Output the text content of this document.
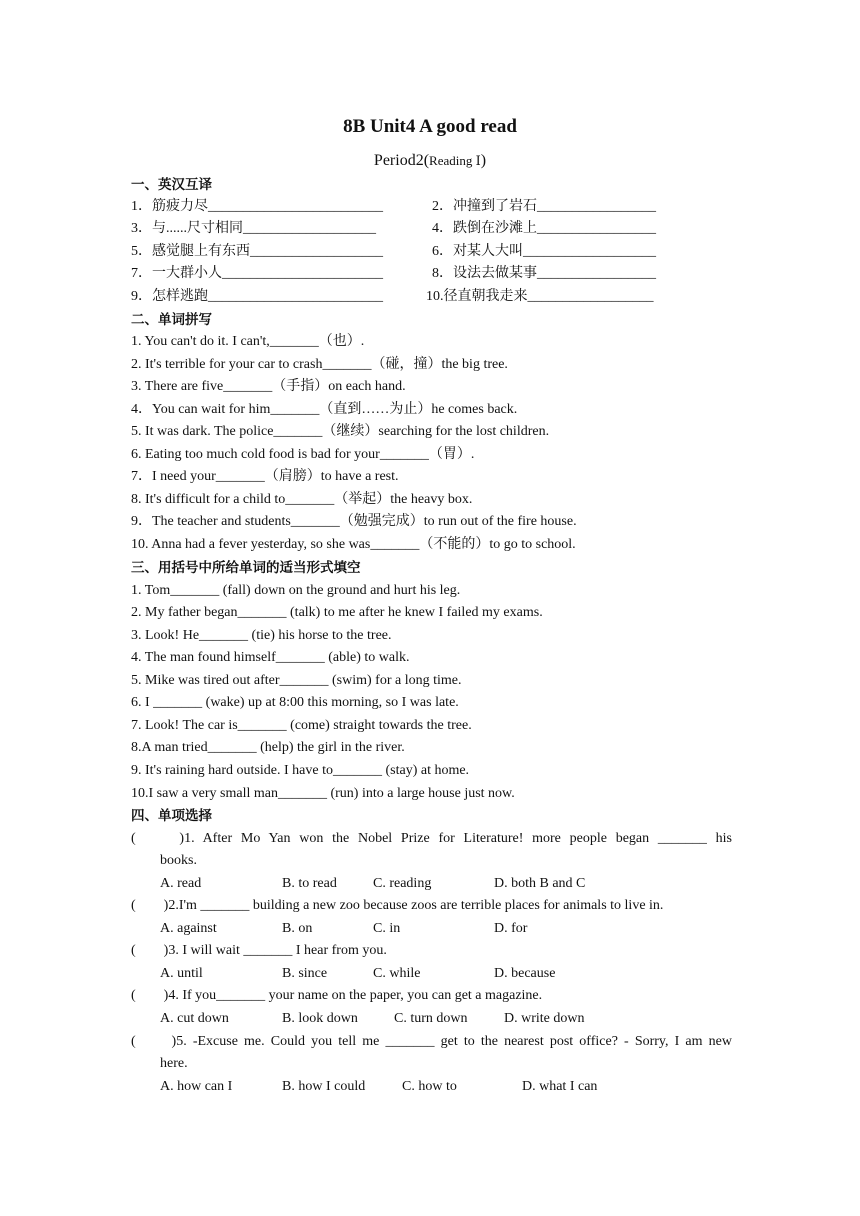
8B Unit4 A good read
Period2(Reading Ⅰ)
一、英汉互译
1．筋疲力尽_________________________	2．冲撞到了岩石_________________
3．与......尺寸相同___________________	4．跌倒在沙滩上_________________
5．感觉腿上有东西___________________	6．对某人大叫___________________
7．一大群小人_______________________	8．设法去做某事_________________
9．怎样逃跑_________________________	10.径直朝我走来__________________
二、单词拼写
1. You can't do it. I can't,_______（也）.
2. It's terrible for your car to crash_______（碰，撞）the big tree.
3. There are five_______（手指）on each hand.
4．You can wait for him_______（直到……为止）he comes back.
5. It was dark. The police_______（继续）searching for the lost children.
6. Eating too much cold food is bad for your_______（胃）.
7．I need your_______（肩膀）to have a rest.
8. It's difficult for a child to_______（举起）the heavy box.
9．The teacher and students_______（勉强完成）to run out of the fire house.
10. Anna had a fever yesterday, so she was_______（不能的）to go to school.
三、用括号中所给单词的适当形式填空
1. Tom_______ (fall) down on the ground and hurt his leg.
2. My father began_______ (talk) to me after he knew I failed my exams.
3. Look! He_______ (tie) his horse to the tree.
4. The man found himself_______ (able) to walk.
5. Mike was tired out after_______ (swim) for a long time.
6. I _______ (wake) up at 8:00 this morning, so I was late.
7. Look! The car is_______ (come) straight towards the tree.
8.A man tried_______ (help) the girl in the river.
9. It's raining hard outside. I have to_______ (stay) at home.
10.I saw a very small man_______ (run) into a large house just now.
四、单项选择
(　　)1. After Mo Yan won the Nobel Prize for Literature! more people began _______ his
books.
A. read	B. to read	C. reading	D. both B and C
(　　)2.I'm _______ building a new zoo because zoos are terrible places for animals to live in.
A. against	B. on	C. in	D. for
(　　)3. I will wait _______ I hear from you.
A. until	B. since	C. while	D. because
(　　)4. If you_______ your name on the paper, you can get a magazine.
A. cut down	B. look down	C. turn down	D. write down
(　　)5. -Excuse me. Could you tell me _______ get to the nearest post office? - Sorry, I am new
here.
A. how can I	B. how I could	C. how to	D. what I can
